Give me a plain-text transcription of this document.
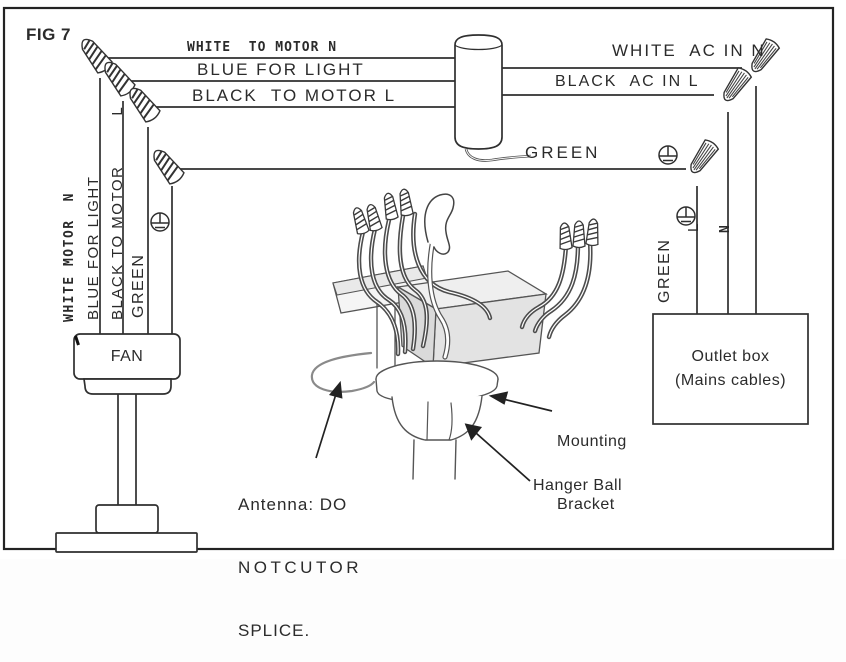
FIG 7
WHITE  TO MOTOR N
BLUE FOR LIGHT
BLACK  TO MOTOR L
WHITE  AC IN N
BLACK  AC IN L
GREEN
WHITE MOTORN BLUE FOR LIGHT BLACK TO MOTORL
GREEN	GREEN
L N
FAN	Outlet box
(Mains cables)

Antenna: DO

NOTCUTOR

SPLICE.

Mounting

Bracket

Hanger Ball
